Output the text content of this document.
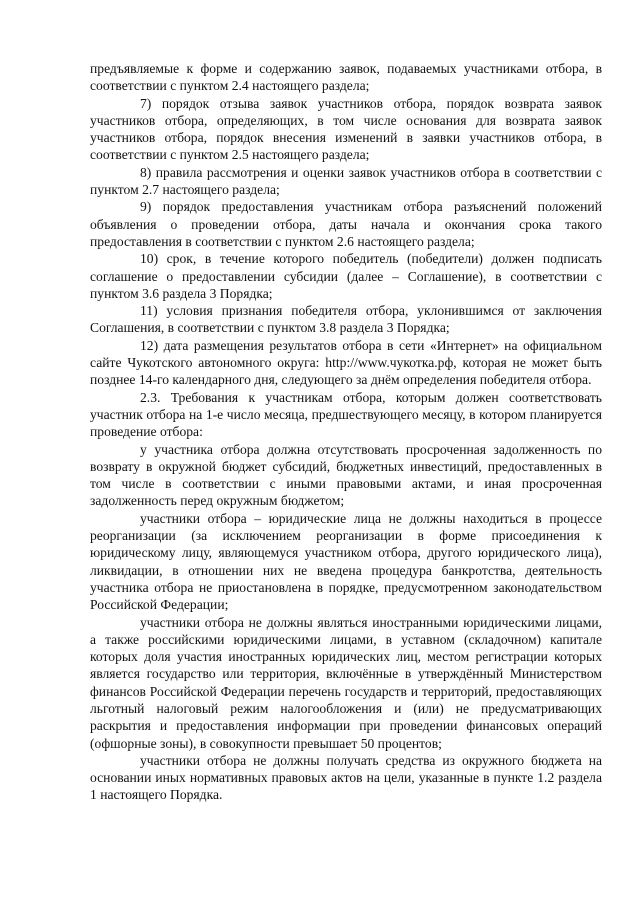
предъявляемые к форме и содержанию заявок, подаваемых участниками отбора, в соответствии с пунктом 2.4 настоящего раздела;

7) порядок отзыва заявок участников отбора, порядок возврата заявок участников отбора, определяющих, в том числе основания для возврата заявок участников отбора, порядок внесения изменений в заявки участников отбора, в соответствии с пунктом 2.5 настоящего раздела;

8) правила рассмотрения и оценки заявок участников отбора в соответствии с пунктом 2.7 настоящего раздела;

9) порядок предоставления участникам отбора разъяснений положений объявления о проведении отбора, даты начала и окончания срока такого предоставления в соответствии с пунктом 2.6 настоящего раздела;

10) срок, в течение которого победитель (победители) должен подписать соглашение о предоставлении субсидии (далее – Соглашение), в соответствии с пунктом 3.6 раздела 3 Порядка;

11) условия признания победителя отбора, уклонившимся от заключения Соглашения, в соответствии с пунктом 3.8 раздела 3 Порядка;

12) дата размещения результатов отбора в сети «Интернет» на официальном сайте Чукотского автономного округа: http://www.чукотка.рф, которая не может быть позднее 14-го календарного дня, следующего за днём определения победителя отбора.

2.3. Требования к участникам отбора, которым должен соответствовать участник отбора на 1-е число месяца, предшествующего месяцу, в котором планируется проведение отбора:

у участника отбора должна отсутствовать просроченная задолженность по возврату в окружной бюджет субсидий, бюджетных инвестиций, предоставленных в том числе в соответствии с иными правовыми актами, и иная просроченная задолженность перед окружным бюджетом;

участники отбора – юридические лица не должны находиться в процессе реорганизации (за исключением реорганизации в форме присоединения к юридическому лицу, являющемуся участником отбора, другого юридического лица), ликвидации, в отношении них не введена процедура банкротства, деятельность участника отбора не приостановлена в порядке, предусмотренном законодательством Российской Федерации;

участники отбора не должны являться иностранными юридическими лицами, а также российскими юридическими лицами, в уставном (складочном) капитале которых доля участия иностранных юридических лиц, местом регистрации которых является государство или территория, включённые в утверждённый Министерством финансов Российской Федерации перечень государств и территорий, предоставляющих льготный налоговый режим налогообложения и (или) не предусматривающих раскрытия и предоставления информации при проведении финансовых операций (офшорные зоны), в совокупности превышает 50 процентов;

участники отбора не должны получать средства из окружного бюджета на основании иных нормативных правовых актов на цели, указанные в пункте 1.2 раздела 1 настоящего Порядка.
